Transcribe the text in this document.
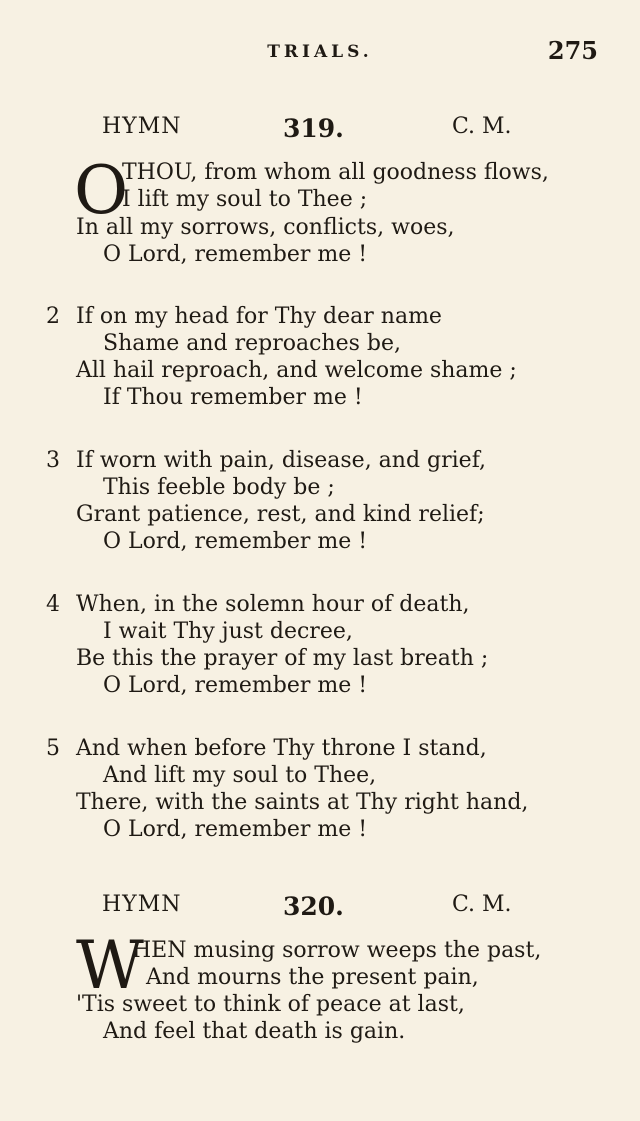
TRIALS.	275
HYMN	319.	C. M.
O
THOU, from whom all goodness flows,
I lift my soul to Thee ;
In all my sorrows, conflicts, woes,
O Lord, remember me !
2 If on my head for Thy dear name
Shame and reproaches be,
All hail reproach, and welcome shame ;
If Thou remember me !
3 If worn with pain, disease, and grief,
This feeble body be ;
Grant patience, rest, and kind relief;
O Lord, remember me !
4 When, in the solemn hour of death,
I wait Thy just decree,
Be this the prayer of my last breath ;
O Lord, remember me !
5 And when before Thy throne I stand,
And lift my soul to Thee,
There, with the saints at Thy right hand,
O Lord, remember me !
HYMN	320.	C. M.
W
HEN musing sorrow weeps the past,
And mourns the present pain,
'Tis sweet to think of peace at last,
And feel that death is gain.
